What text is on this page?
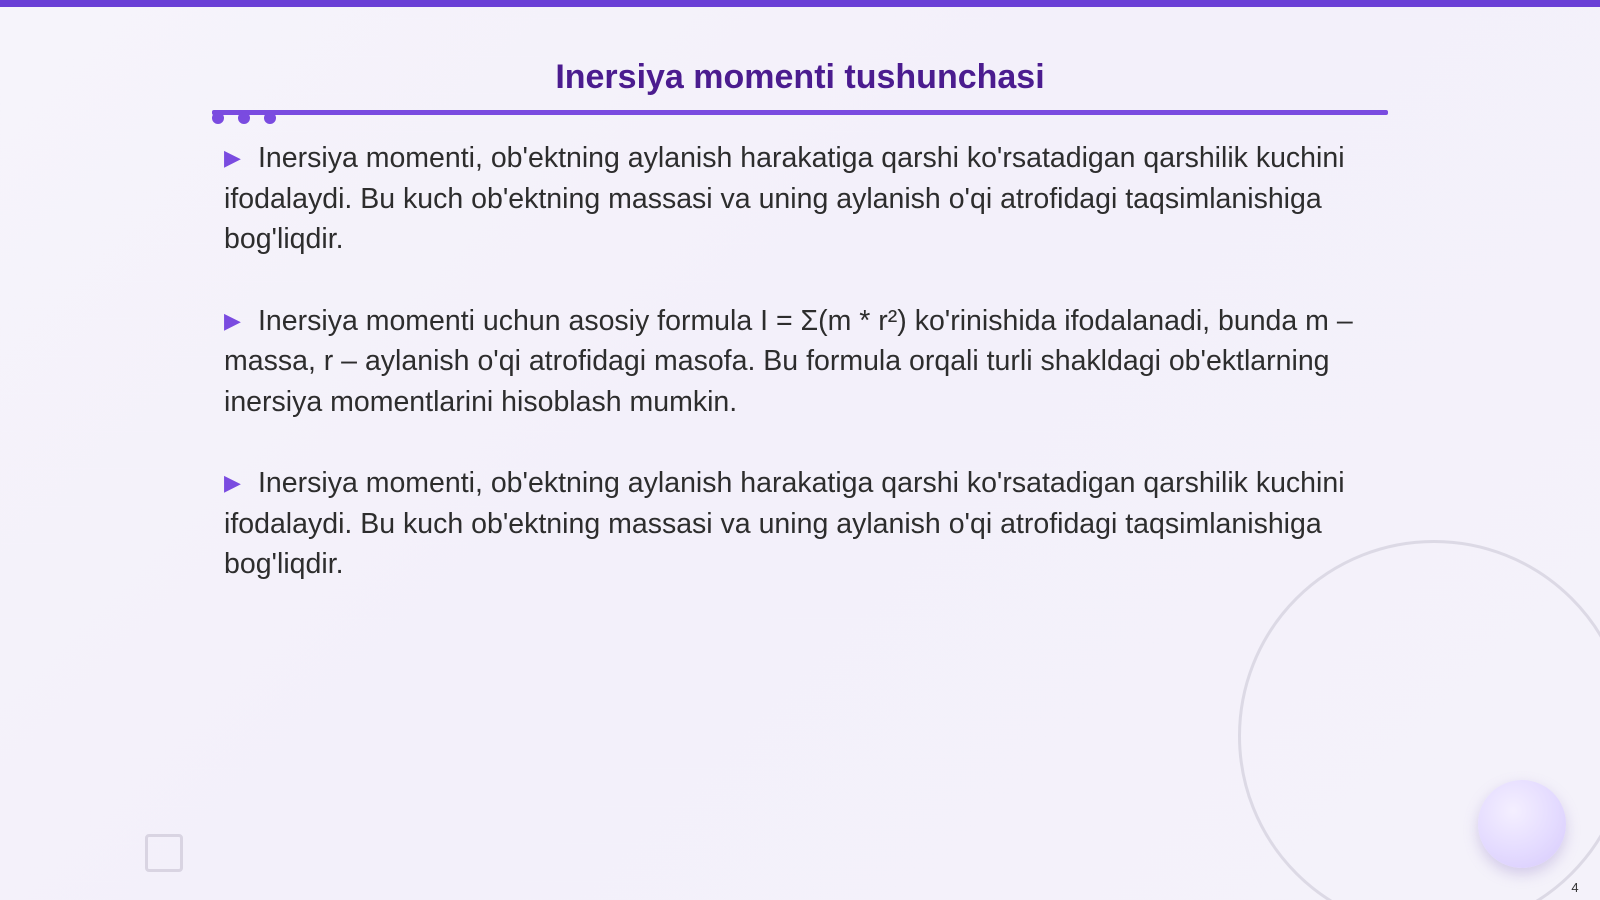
Inersiya momenti tushunchasi

▶ Inersiya momenti, ob'ektning aylanish harakatiga qarshi ko'rsatadigan qarshilik kuchini ifodalaydi. Bu kuch ob'ektning massasi va uning aylanish o'qi atrofidagi taqsimlanishiga bog'liqdir.

▶ Inersiya momenti uchun asosiy formula I = Σ(m * r²) ko'rinishida ifodalanadi, bunda m – massa, r – aylanish o'qi atrofidagi masofa. Bu formula orqali turli shakldagi ob'ektlarning inersiya momentlarini hisoblash mumkin.

▶ Inersiya momenti, ob'ektning aylanish harakatiga qarshi ko'rsatadigan qarshilik kuchini ifodalaydi. Bu kuch ob'ektning massasi va uning aylanish o'qi atrofidagi taqsimlanishiga bog'liqdir.

4
